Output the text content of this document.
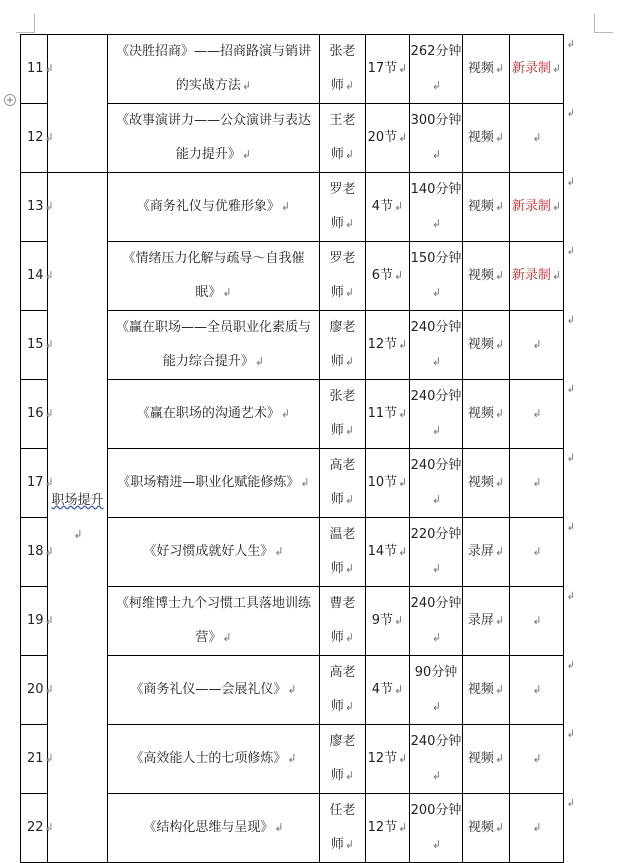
+
11↲		《决胜招商》——招商路演与销讲的实战方法↲	张老师↲	17节↲	262分钟↲	视频↲	新录制↲
↲

12↲		《故事演讲力——公众演讲与表达能力提升》↲	王老师↲	20节↲	300分钟↲	视频↲	↲
↲

13↲	职场提升↲	《商务礼仪与优雅形象》↲	罗老师↲	4节↲	140分钟↲	视频↲	新录制↲
↲

14↲		《情绪压力化解与疏导～自我催眠》↲	罗老师↲	6节↲	150分钟↲	视频↲	新录制↲
↲

15↲		《赢在职场——全员职业化素质与能力综合提升》↲	廖老师↲	12节↲	240分钟↲	视频↲	↲
↲

16↲		《赢在职场的沟通艺术》↲	张老师↲	11节↲	240分钟↲	视频↲	↲
↲

17↲		《职场精进—职业化赋能修炼》↲	高老师↲	10节↲	240分钟↲	视频↲	↲
↲

18↲		《好习惯成就好人生》↲	温老师↲	14节↲	220分钟↲	录屏↲	↲
↲

19↲		《柯维博士九个习惯工具落地训练营》↲	曹老师↲	9节↲	240分钟↲	录屏↲	↲
↲

20↲		《商务礼仪——会展礼仪》↲	高老师↲	4节↲	90分钟↲	视频↲	↲
↲

21↲		《高效能人士的七项修炼》↲	廖老师↲	12节↲	240分钟↲	视频↲	↲
↲

22↲		《结构化思维与呈现》↲	任老师↲	12节↲	200分钟↲	视频↲	↲
↲
